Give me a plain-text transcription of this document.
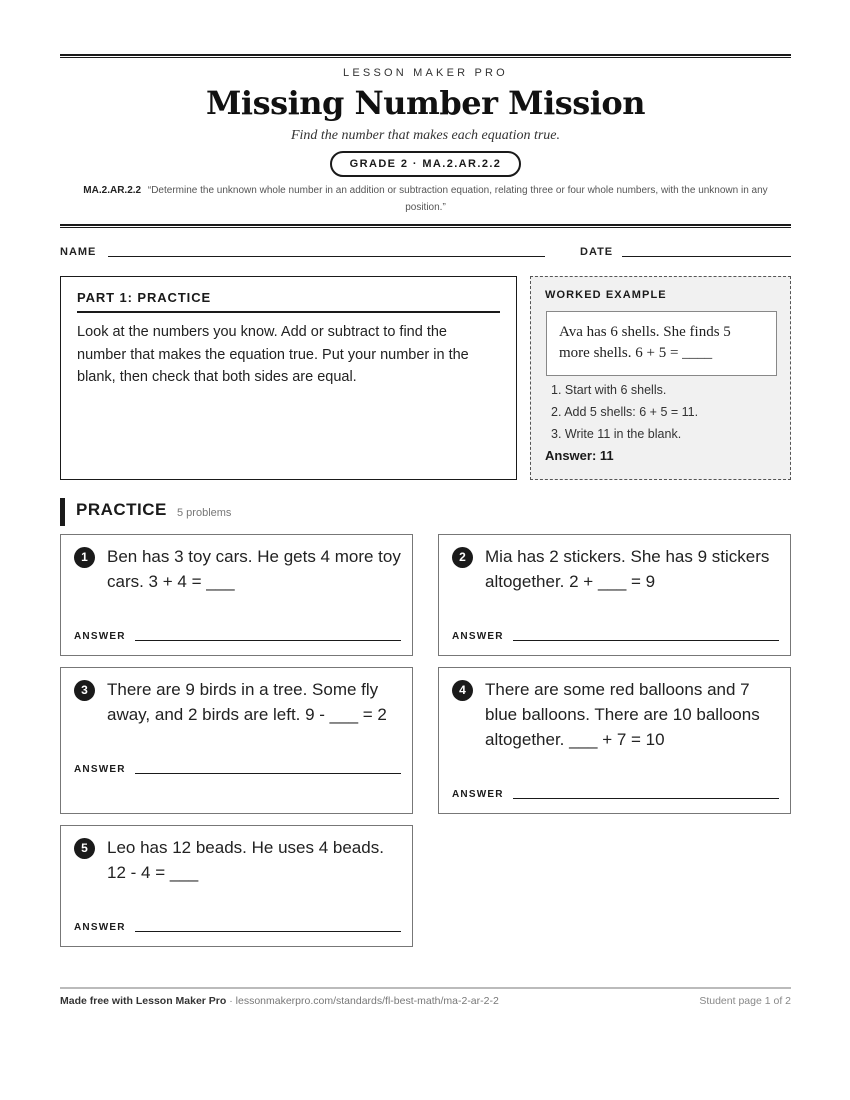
LESSON MAKER PRO
Missing Number Mission
Find the number that makes each equation true.
GRADE 2 · MA.2.AR.2.2
MA.2.AR.2.2 “Determine the unknown whole number in an addition or subtraction equation, relating three or four whole numbers, with the unknown in any position.”
NAME	DATE
PART 1: PRACTICE
Look at the numbers you know. Add or subtract to find the number that makes the equation true. Put your number in the blank, then check that both sides are equal.
WORKED EXAMPLE
Ava has 6 shells. She finds 5 more shells. 6 + 5 = ____
1. Start with 6 shells.
2. Add 5 shells: 6 + 5 = 11.
3. Write 11 in the blank.
Answer: 11
PRACTICE 5 problems
1	Ben has 3 toy cars. He gets 4 more toy cars. 3 + 4 = ___
ANSWER
2	Mia has 2 stickers. She has 9 stickers altogether. 2 + ___ = 9
ANSWER
3	There are 9 birds in a tree. Some fly away, and 2 birds are left. 9 - ___ = 2
ANSWER
4	There are some red balloons and 7 blue balloons. There are 10 balloons altogether. ___ + 7 = 10
ANSWER
5	Leo has 12 beads. He uses 4 beads. 12 - 4 = ___
ANSWER
Made free with Lesson Maker Pro · lessonmakerpro.com/standards/fl-best-math/ma-2-ar-2-2	Student page 1 of 2
